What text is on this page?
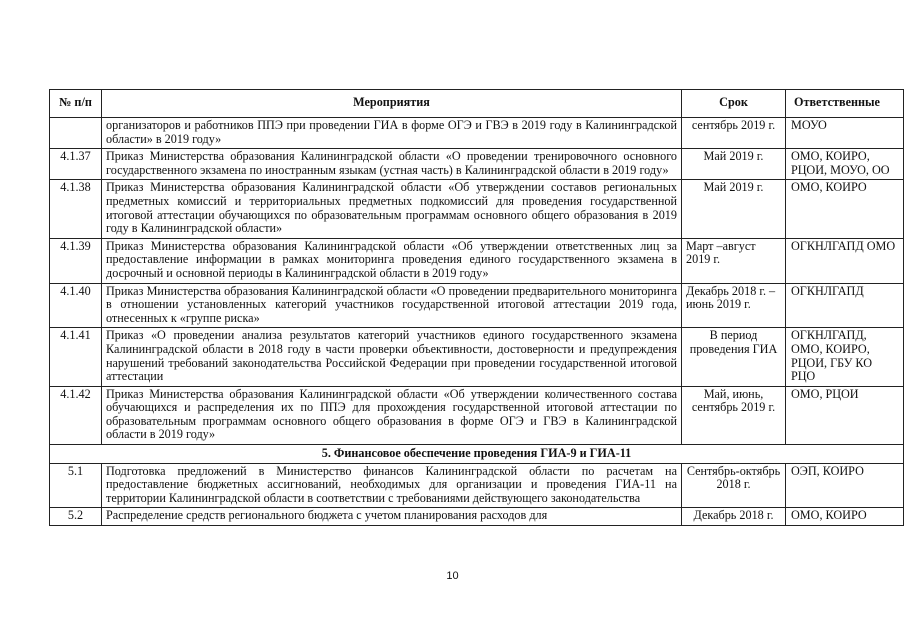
№ п/п	Мероприятия	Срок	Ответственные
	организаторов и работников ППЭ при проведении ГИА в форме ОГЭ и ГВЭ в 2019 году в Калининградской области» в 2019 году»	сентябрь 2019 г.	МОУО
4.1.37	Приказ Министерства образования Калининградской области «О проведении тренировочного основного государственного экзамена по иностранным языкам (устная часть) в Калининградской области в 2019 году»	Май 2019 г.	ОМО, КОИРО, РЦОИ, МОУО, ОО
4.1.38	Приказ Министерства образования Калининградской области «Об утверждении составов региональных предметных комиссий и территориальных предметных подкомиссий для проведения государственной итоговой аттестации обучающихся по образовательным программам основного общего образования в 2019 году в Калининградской области»	Май 2019 г.	ОМО, КОИРО
4.1.39	Приказ Министерства образования Калининградской области «Об утверждении ответственных лиц за предоставление информации в рамках мониторинга проведения единого государственного экзамена в досрочный и основной периоды в Калининградской области в 2019 году»	Март –август 2019 г.	ОГКНЛГАПД ОМО
4.1.40	Приказ Министерства образования Калининградской области «О проведении предварительного мониторинга в отношении установленных категорий участников государственной итоговой аттестации 2019 года, отнесенных к «группе риска»	Декабрь 2018 г. – июнь 2019 г.	ОГКНЛГАПД
4.1.41	Приказ «О проведении анализа результатов категорий участников единого государственного экзамена Калининградской области в 2018 году в части проверки объективности, достоверности и предупреждения нарушений требований законодательства Российской Федерации при проведении государственной итоговой аттестации	В период проведения ГИА	ОГКНЛГАПД, ОМО, КОИРО, РЦОИ, ГБУ КО РЦО
4.1.42	Приказ Министерства образования Калининградской области «Об утверждении количественного состава обучающихся и распределения их по ППЭ для прохождения государственной итоговой аттестации по образовательным программам основного общего образования в форме ОГЭ и ГВЭ в Калининградской области в 2019 году»	Май, июнь, сентябрь 2019 г.	ОМО, РЦОИ
5. Финансовое обеспечение проведения ГИА-9 и ГИА-11			
5.1	Подготовка предложений в Министерство финансов Калининградской области по расчетам на предоставление бюджетных ассигнований, необходимых для организации и проведения ГИА-11 на территории Калининградской области в соответствии с требованиями действующего законодательства	Сентябрь-октябрь 2018 г.	ОЭП, КОИРО
5.2	Распределение средств регионального бюджета с учетом планирования расходов для	Декабрь 2018 г.	ОМО, КОИРО
10
